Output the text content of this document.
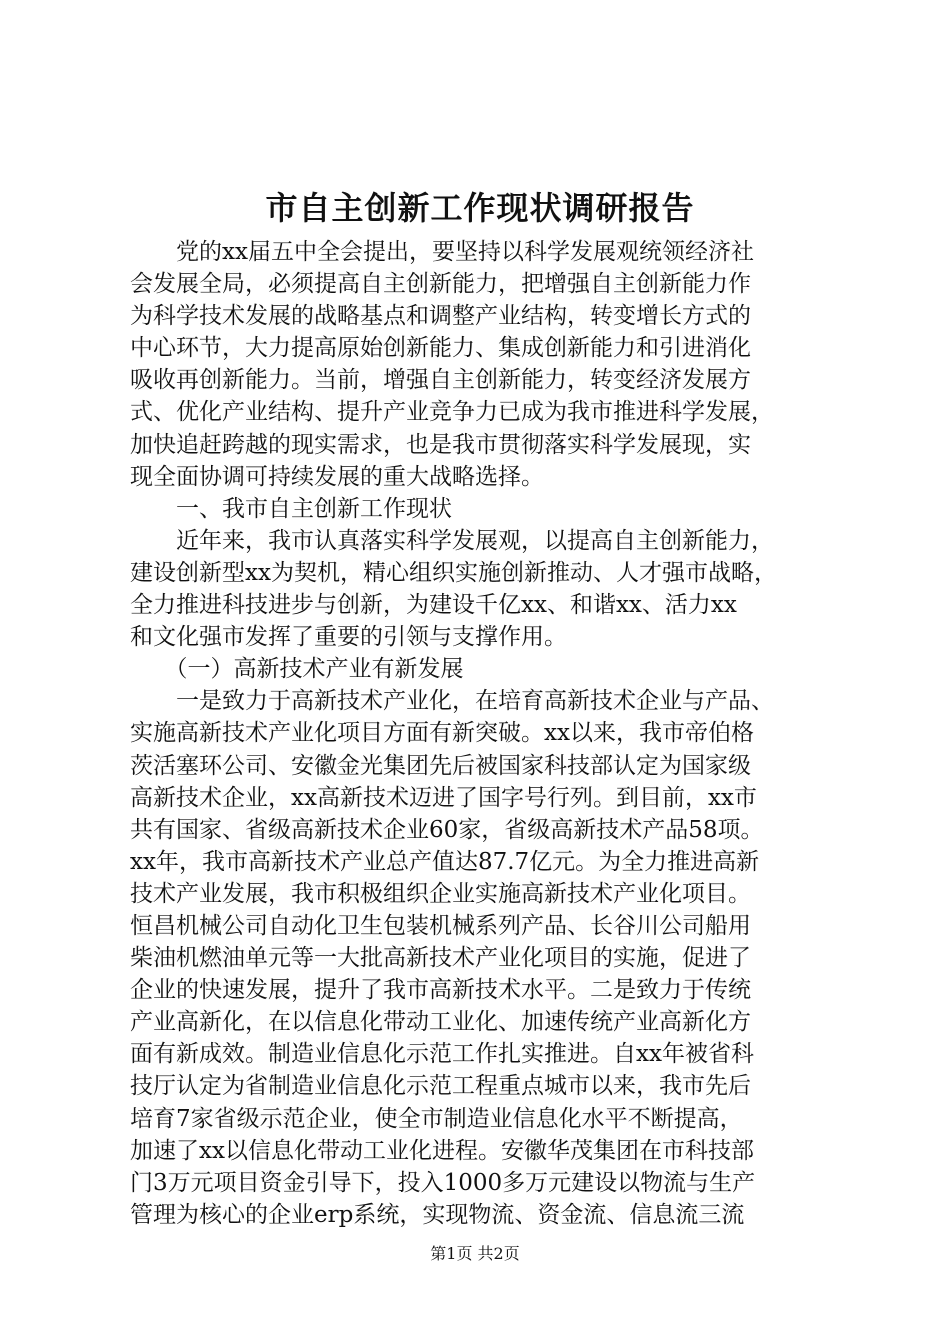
市自主创新工作现状调研报告
　　党的xx届五中全会提出，要坚持以科学发展观统领经济社
会发展全局，必须提高自主创新能力，把增强自主创新能力作
为科学技术发展的战略基点和调整产业结构，转变增长方式的
中心环节，大力提高原始创新能力、集成创新能力和引进消化
吸收再创新能力。当前，增强自主创新能力，转变经济发展方
式、优化产业结构、提升产业竞争力已成为我市推进科学发展，
加快追赶跨越的现实需求，也是我市贯彻落实科学发展现，实
现全面协调可持续发展的重大战略选择。
　　一、我市自主创新工作现状
　　近年来，我市认真落实科学发展观，以提高自主创新能力，
建设创新型xx为契机，精心组织实施创新推动、人才强市战略，
全力推进科技进步与创新，为建设千亿xx、和谐xx、活力xx
和文化强市发挥了重要的引领与支撑作用。
　　（一）高新技术产业有新发展
　　一是致力于高新技术产业化，在培育高新技术企业与产品、
实施高新技术产业化项目方面有新突破。xx以来，我市帝伯格
茨活塞环公司、安徽金光集团先后被国家科技部认定为国家级
高新技术企业，xx高新技术迈进了国字号行列。到目前，xx市
共有国家、省级高新技术企业60家，省级高新技术产品58项。
xx年，我市高新技术产业总产值达87.7亿元。为全力推进高新
技术产业发展，我市积极组织企业实施高新技术产业化项目。
恒昌机械公司自动化卫生包装机械系列产品、长谷川公司船用
柴油机燃油单元等一大批高新技术产业化项目的实施，促进了
企业的快速发展，提升了我市高新技术水平。二是致力于传统
产业高新化，在以信息化带动工业化、加速传统产业高新化方
面有新成效。制造业信息化示范工作扎实推进。自xx年被省科
技厅认定为省制造业信息化示范工程重点城市以来，我市先后
培育7家省级示范企业，使全市制造业信息化水平不断提高，
加速了xx以信息化带动工业化进程。安徽华茂集团在市科技部
门3万元项目资金引导下，投入1000多万元建设以物流与生产
管理为核心的企业erp系统，实现物流、资金流、信息流三流
第1页 共2页
